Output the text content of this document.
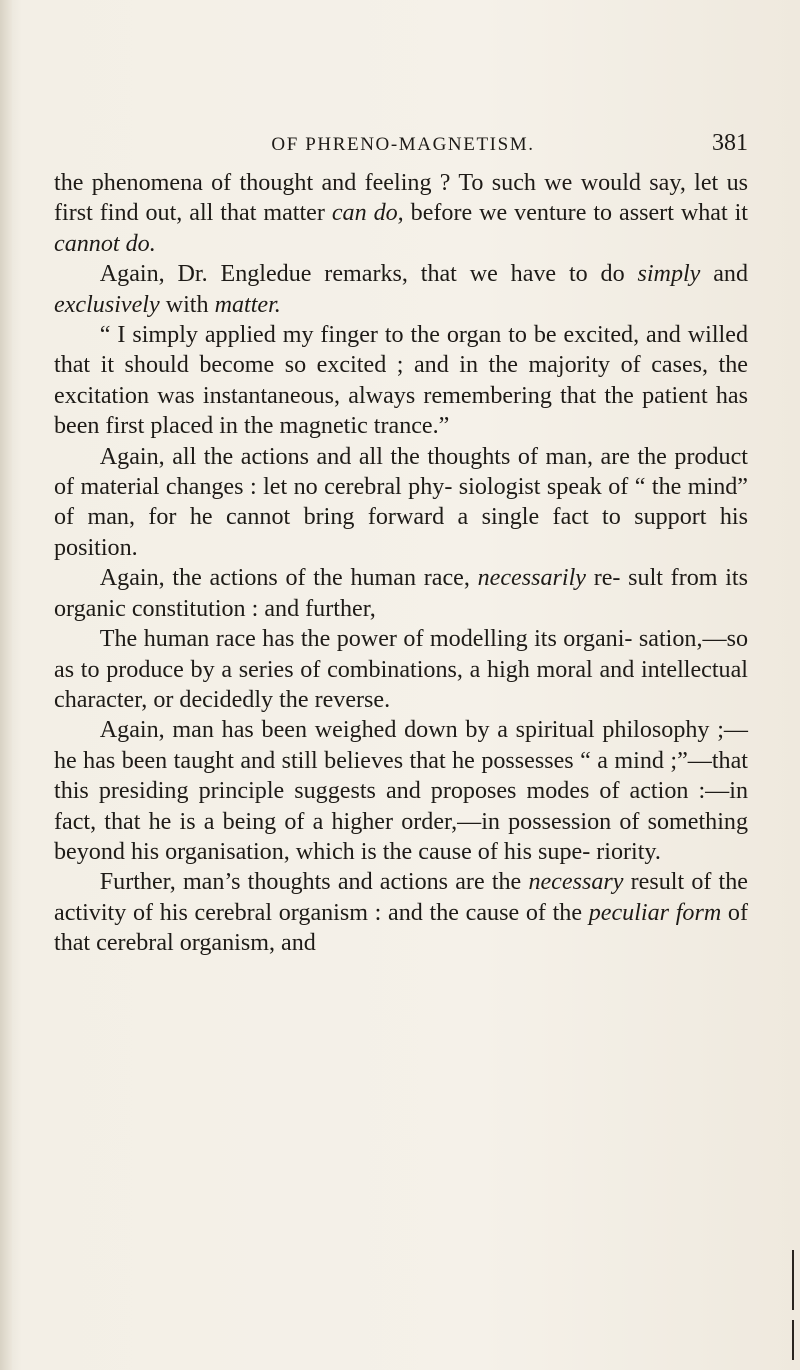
OF PHRENO-MAGNETISM.	381

the phenomena of thought and feeling ? To such we would say, let us first find out, all that matter can do, before we venture to assert what it cannot do.

Again, Dr. Engledue remarks, that we have to do simply and exclusively with matter.

“ I simply applied my finger to the organ to be excited, and willed that it should become so excited ; and in the majority of cases, the excitation was instantaneous, always remembering that the patient has been first placed in the magnetic trance.”

Again, all the actions and all the thoughts of man, are the product of material changes : let no cerebral phy- siologist speak of “ the mind” of man, for he cannot bring forward a single fact to support his position.

Again, the actions of the human race, necessarily re- sult from its organic constitution : and further,

The human race has the power of modelling its organi- sation,—so as to produce by a series of combinations, a high moral and intellectual character, or decidedly the reverse.

Again, man has been weighed down by a spiritual philosophy ;—he has been taught and still believes that he possesses “ a mind ;”—that this presiding principle suggests and proposes modes of action :—in fact, that he is a being of a higher order,—in possession of something beyond his organisation, which is the cause of his supe- riority.

Further, man’s thoughts and actions are the necessary result of the activity of his cerebral organism : and the cause of the peculiar form of that cerebral organism, and
